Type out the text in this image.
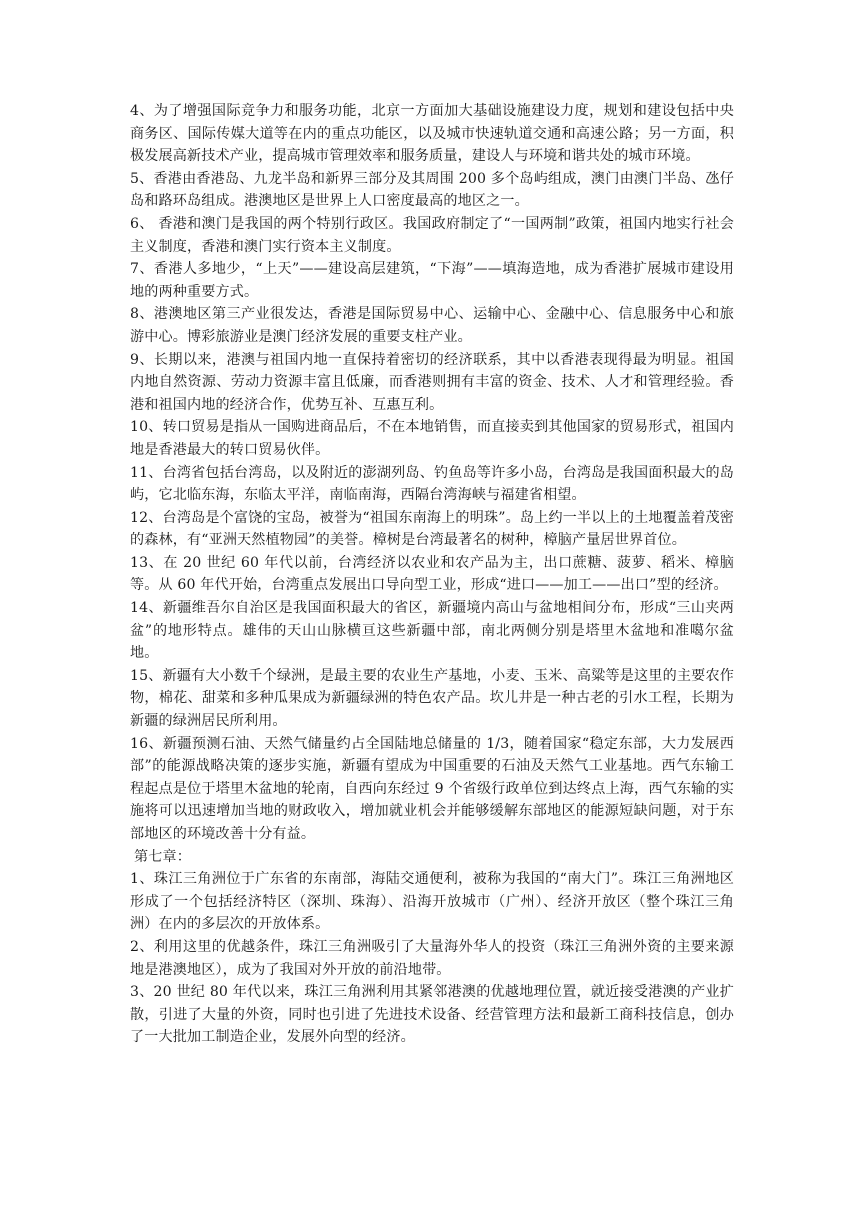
4、为了增强国际竞争力和服务功能，北京一方面加大基础设施建设力度，规划和建设包括中央商务区、国际传媒大道等在内的重点功能区，以及城市快速轨道交通和高速公路；另一方面，积极发展高新技术产业，提高城市管理效率和服务质量，建设人与环境和谐共处的城市环境。

5、香港由香港岛、九龙半岛和新界三部分及其周围 200 多个岛屿组成，澳门由澳门半岛、氹仔岛和路环岛组成。港澳地区是世界上人口密度最高的地区之一。

6、 香港和澳门是我国的两个特别行政区。我国政府制定了“一国两制”政策，祖国内地实行社会主义制度，香港和澳门实行资本主义制度。

7、香港人多地少，“上天”——建设高层建筑，“下海”——填海造地，成为香港扩展城市建设用地的两种重要方式。

8、港澳地区第三产业很发达，香港是国际贸易中心、运输中心、金融中心、信息服务中心和旅游中心。博彩旅游业是澳门经济发展的重要支柱产业。

9、长期以来，港澳与祖国内地一直保持着密切的经济联系，其中以香港表现得最为明显。祖国内地自然资源、劳动力资源丰富且低廉，而香港则拥有丰富的资金、技术、人才和管理经验。香港和祖国内地的经济合作，优势互补、互惠互利。

10、转口贸易是指从一国购进商品后，不在本地销售，而直接卖到其他国家的贸易形式，祖国内地是香港最大的转口贸易伙伴。

11、台湾省包括台湾岛，以及附近的澎湖列岛、钓鱼岛等许多小岛，台湾岛是我国面积最大的岛屿，它北临东海，东临太平洋，南临南海，西隔台湾海峡与福建省相望。

12、台湾岛是个富饶的宝岛，被誉为“祖国东南海上的明珠”。岛上约一半以上的土地覆盖着茂密的森林，有“亚洲天然植物园”的美誉。樟树是台湾最著名的树种，樟脑产量居世界首位。

13、在 20 世纪 60 年代以前，台湾经济以农业和农产品为主，出口蔗糖、菠萝、稻米、樟脑等。从 60 年代开始，台湾重点发展出口导向型工业，形成“进口——加工——出口”型的经济。

14、新疆维吾尔自治区是我国面积最大的省区，新疆境内高山与盆地相间分布，形成“三山夹两盆”的地形特点。雄伟的天山山脉横亘这些新疆中部，南北两侧分别是塔里木盆地和准噶尔盆地。

15、新疆有大小数千个绿洲，是最主要的农业生产基地，小麦、玉米、高粱等是这里的主要农作物，棉花、甜菜和多种瓜果成为新疆绿洲的特色农产品。坎儿井是一种古老的引水工程，长期为新疆的绿洲居民所利用。

16、新疆预测石油、天然气储量约占全国陆地总储量的 1/3，随着国家“稳定东部，大力发展西部”的能源战略决策的逐步实施，新疆有望成为中国重要的石油及天然气工业基地。西气东输工程起点是位于塔里木盆地的轮南，自西向东经过 9 个省级行政单位到达终点上海，西气东输的实施将可以迅速增加当地的财政收入，增加就业机会并能够缓解东部地区的能源短缺问题，对于东部地区的环境改善十分有益。

第七章：

1、珠江三角洲位于广东省的东南部，海陆交通便利，被称为我国的“南大门”。珠江三角洲地区形成了一个包括经济特区（深圳、珠海）、沿海开放城市（广州）、经济开放区（整个珠江三角洲）在内的多层次的开放体系。

2、利用这里的优越条件，珠江三角洲吸引了大量海外华人的投资（珠江三角洲外资的主要来源地是港澳地区），成为了我国对外开放的前沿地带。

3、20 世纪 80 年代以来，珠江三角洲利用其紧邻港澳的优越地理位置，就近接受港澳的产业扩散，引进了大量的外资，同时也引进了先进技术设备、经营管理方法和最新工商科技信息，创办了一大批加工制造企业，发展外向型的经济。
